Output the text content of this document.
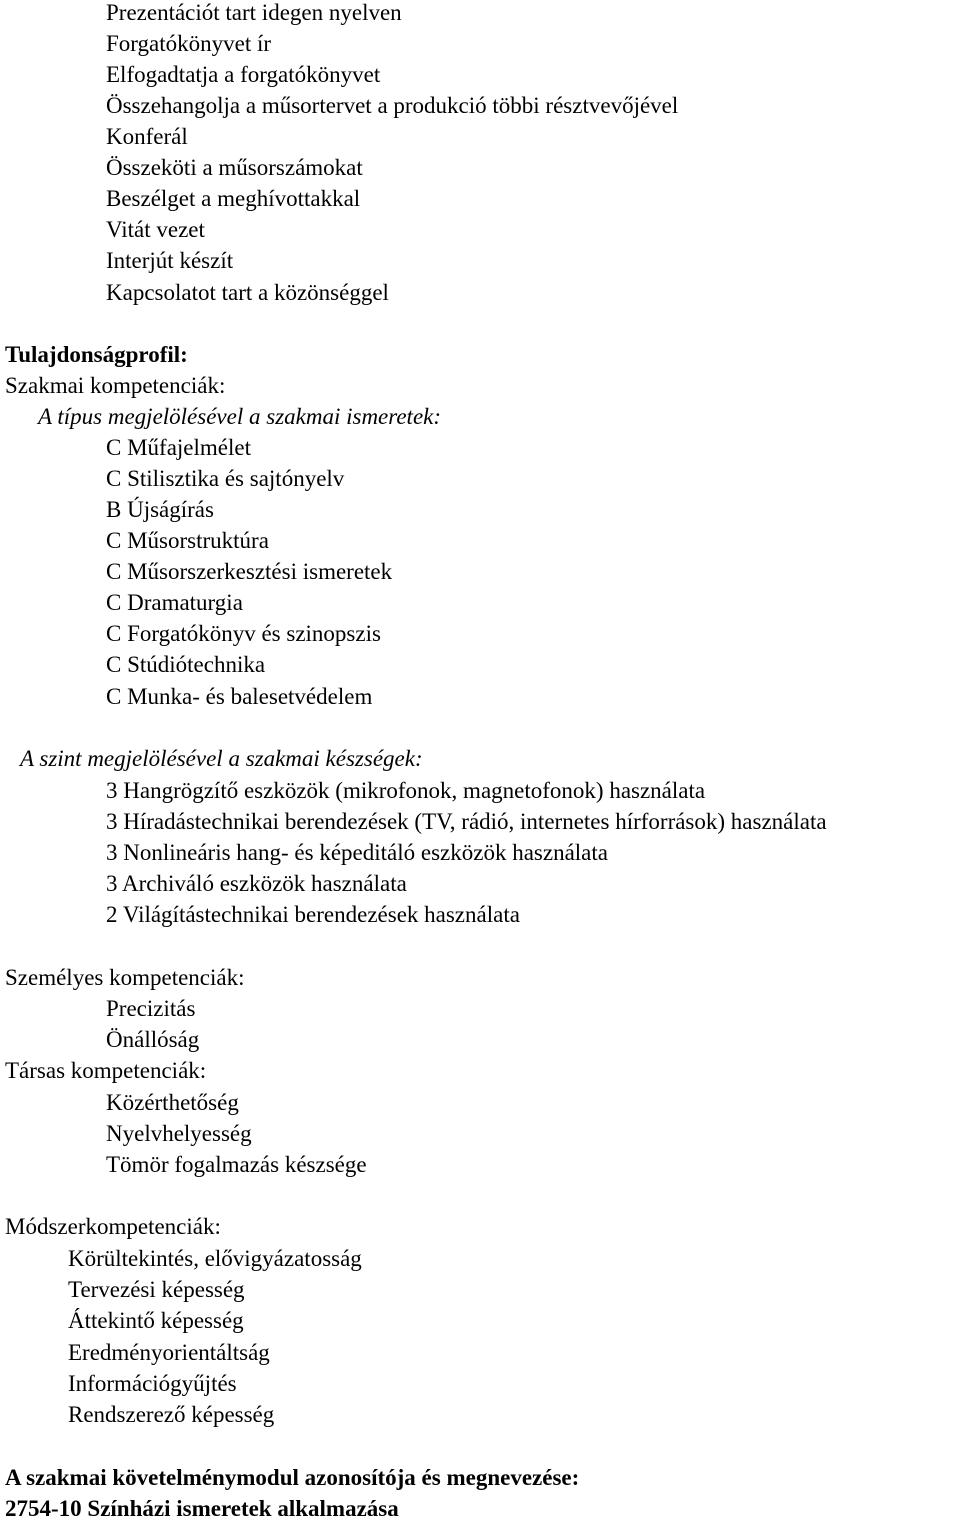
Prezentációt tart idegen nyelven
Forgatókönyvet ír
Elfogadtatja a forgatókönyvet
Összehangolja a műsortervet a produkció többi résztvevőjével
Konferál
Összeköti a műsorszámokat
Beszélget a meghívottakkal
Vitát vezet
Interjút készít
Kapcsolatot tart a közönséggel
Tulajdonságprofil:
Szakmai kompetenciák:
A típus megjelölésével a szakmai ismeretek:
C Műfajelmélet
C Stilisztika és sajtónyelv
B Újságírás
C Műsorstruktúra
C Műsorszerkesztési ismeretek
C Dramaturgia
C Forgatókönyv és szinopszis
C Stúdiótechnika
C Munka- és balesetvédelem
A szint megjelölésével a szakmai készségek:
3 Hangrögzítő eszközök (mikrofonok, magnetofonok) használata
3 Híradástechnikai berendezések (TV, rádió, internetes hírforrások) használata
3 Nonlineáris hang- és képeditáló eszközök használata
3 Archiváló eszközök használata
2 Világítástechnikai berendezések használata
Személyes kompetenciák:
Precizitás
Önállóság
Társas kompetenciák:
Közérthetőség
Nyelvhelyesség
Tömör fogalmazás készsége
Módszerkompetenciák:
Körültekintés, elővigyázatosság
Tervezési képesség
Áttekintő képesség
Eredményorientáltság
Információgyűjtés
Rendszerező képesség
A szakmai követelménymodul azonosítója és megnevezése:
2754-10 Színházi ismeretek alkalmazása
